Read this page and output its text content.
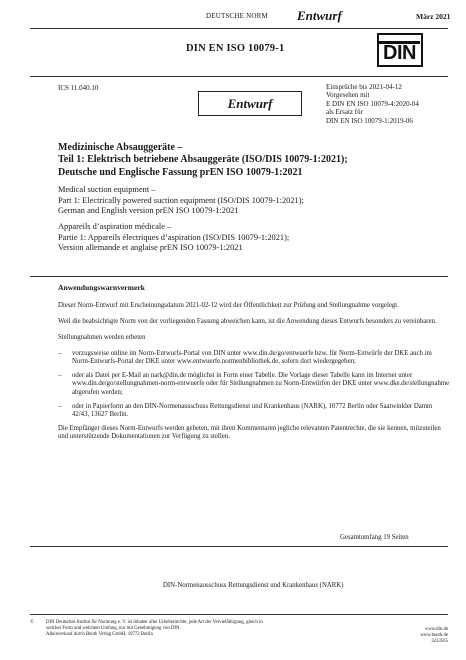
DEUTSCHE NORM Entwurf	März 2021
DIN EN ISO 10079-1	DIN
ICS 11.040.10	Einsprüche bis 2021-04-12
Vorgesehen mit
E DIN EN ISO 10079-4:2020-04
als Ersatz für
DIN EN ISO 10079-1:2019-06
Entwurf

Medizinische Absauggeräte –
Teil 1: Elektrisch betriebene Absauggeräte (ISO/DIS 10079-1:2021);
Deutsche und Englische Fassung prEN ISO 10079-1:2021

Medical suction equipment –
Part 1: Electrically powered suction equipment (ISO/DIS 10079-1:2021);
German and English version prEN ISO 10079-1:2021

Appareils d’aspiration médicale –
Partie 1: Appareils électriques d’aspiration (ISO/DIS 10079-1:2021);
Version allemande et anglaise prEN ISO 10079-1:2021

Anwendungswarnvermerk

Dieser Norm-Entwurf mit Erscheinungsdatum 2021-02-12 wird der Öffentlichkeit zur Prüfung und Stellungnahme vorgelegt.

Weil die beabsichtigte Norm von der vorliegenden Fassung abweichen kann, ist die Anwendung dieses Entwurfs besonders zu vereinbaren.

Stellungnahmen werden erbeten

– vorzugsweise online im Norm-Entwurfs-Portal von DIN unter www.din.de/go/entwuerfe bzw. für Norm-Entwürfe der DKE auch im Norm-Entwurfs-Portal der DKE unter www.entwuerfe.normenbibliothek.de, sofern dort wiedergegeben;
– oder als Datei per E-Mail an nark@din.de möglichst in Form einer Tabelle. Die Vorlage dieser Tabelle kann im Internet unter www.din.de/go/stellungnahmen-norm-entwuerfe oder für Stellungnahmen zu Norm-Entwürfen der DKE unter www.dke.de/stellungnahme abgerufen werden;
– oder in Papierform an den DIN-Normenausschuss Rettungsdienst und Krankenhaus (NARK), 10772 Berlin oder Saatwinkler Damm 42/43, 13627 Berlin.

Die Empfänger dieses Norm-Entwurfs werden gebeten, mit ihren Kommentaren jegliche relevanten Patentrechte, die sie kennen, mitzuteilen und unterstützende Dokumentationen zur Verfügung zu stellen.

Gesamtumfang 19 Seiten
DIN-Normenausschuss Rettungsdienst und Krankenhaus (NARK)
©	DIN Deutsches Institut für Normung e. V. ist Inhaber aller Urheberrechte; jede Art der Vervielfältigung, gleich in
welcher Form und welchem Umfang, nur mit Genehmigung von DIN.
Alleinverkauf durch Beuth Verlag GmbH, 10772 Berlin
www.din.de
www.beuth.de
3233565
